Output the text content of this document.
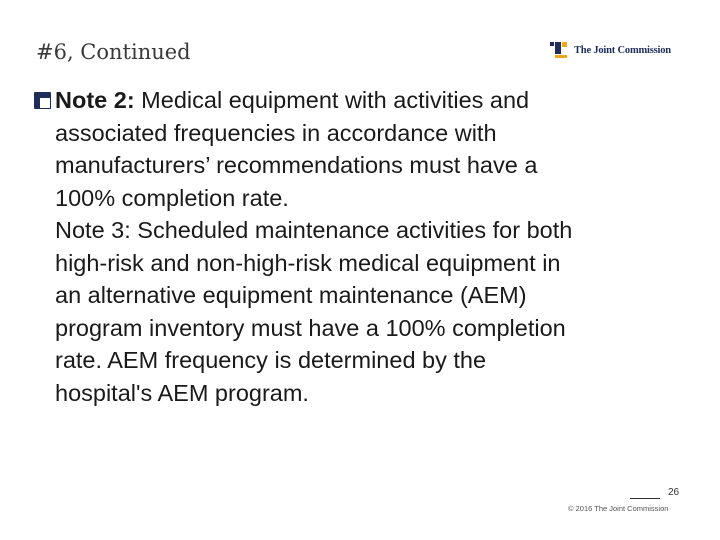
#6, Continued	The Joint Commission
Note 2: Medical equipment with activities and
associated frequencies in accordance with
manufacturers’ recommendations must have a
100% completion rate.
Note 3: Scheduled maintenance activities for both
high-risk and non-high-risk medical equipment in
an alternative equipment maintenance (AEM)
program inventory must have a 100% completion
rate. AEM frequency is determined by the
hospital's AEM program.
26
© 2016 The Joint Commission
